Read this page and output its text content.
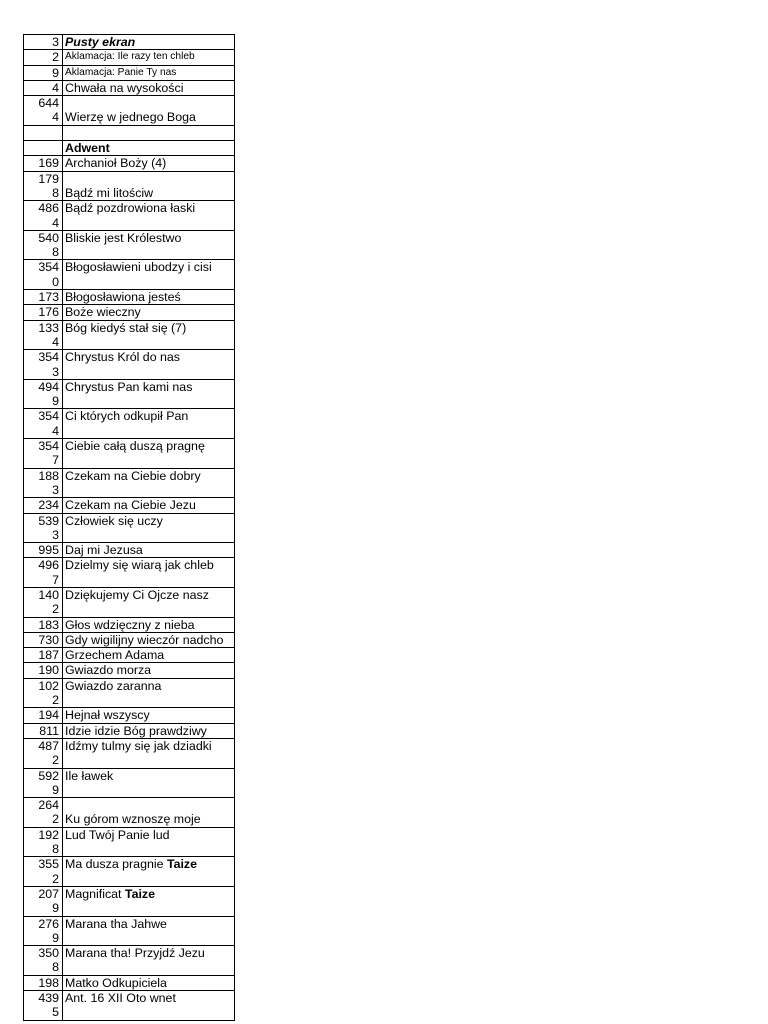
3	Pusty ekran

2	Aklamacja: Ile razy ten chleb

9	Aklamacja: Panie Ty nas

4	Chwała na wysokości

644
4	Wierzę w jednego Boga

	Adwent

169	Archanioł Boży (4)

179
8	Bądź mi litościw

486
4	Bądź pozdrowiona łaski

540
8	Bliskie jest Królestwo

354
0	Błogosławieni ubodzy i cisi

173	Błogosławiona jesteś

176	Boże wieczny

133
4	Bóg kiedyś stał się (7)

354
3	Chrystus Król do nas

494
9	Chrystus Pan kami nas

354
4	Ci których odkupił Pan

354
7	Ciebie całą duszą pragnę

188
3	Czekam na Ciebie dobry

234	Czekam na Ciebie Jezu

539
3	Człowiek się uczy

995	Daj mi Jezusa

496
7	Dzielmy się wiarą jak chleb

140
2	Dziękujemy Ci Ojcze nasz

183	Głos wdzięczny z nieba

730	Gdy wigilijny wieczór nadcho

187	Grzechem Adama

190	Gwiazdo morza

102
2	Gwiazdo zaranna

194	Hejnał wszyscy

811	Idzie idzie Bóg prawdziwy

487
2	Idźmy tulmy się jak dziadki

592
9	Ile ławek

264
2	Ku górom wznoszę moje

192
8	Lud Twój Panie lud

355
2	Ma dusza pragnie Taize

207
9	Magnificat Taize

276
9	Marana tha Jahwe

350
8	Marana tha! Przyjdź Jezu

198	Matko Odkupiciela

439
5	Ant. 16 XII Oto wnet
